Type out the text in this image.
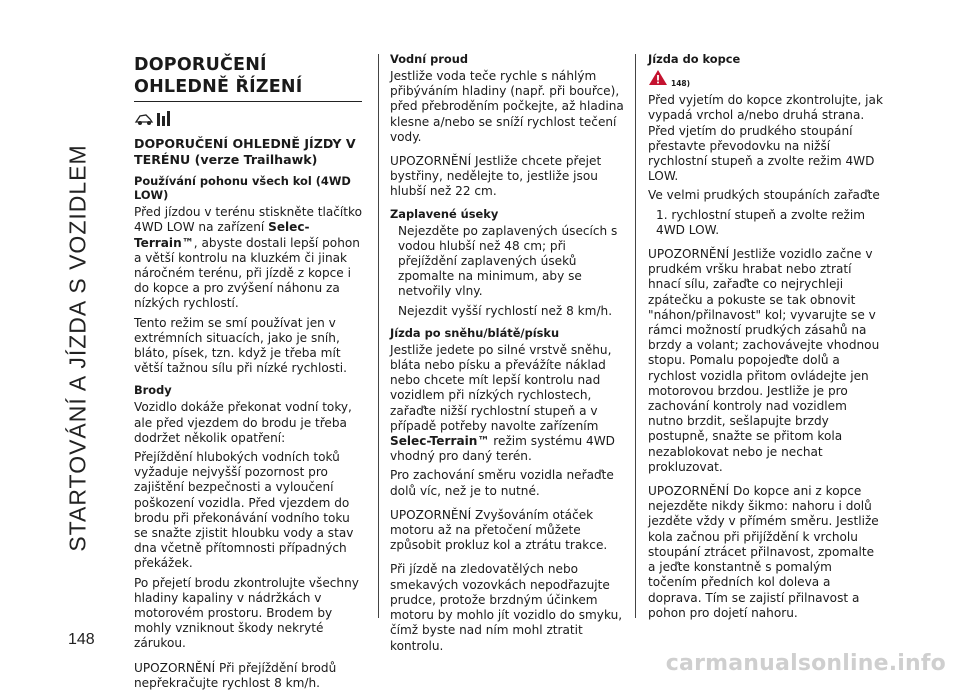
STARTOVÁNÍ A JÍZDA S VOZIDLEM
148
carmanualsonline.info
DOPORUČENÍ OHLEDNĚ ŘÍZENÍ
DOPORUČENÍ OHLEDNĚ JÍZDY V TERÉNU (verze Trailhawk)
Používání pohonu všech kol (4WD LOW)

Před jízdou v terénu stiskněte tlačítko 4WD LOW na zařízení Selec-Terrain™, abyste dostali lepší pohon a větší kontrolu na kluzkém či jinak náročném terénu, při jízdě z kopce i do kopce a pro zvýšení náhonu za nízkých rychlostí.

Tento režim se smí používat jen v extrémních situacích, jako je sníh, bláto, písek, tzn. když je třeba mít větší tažnou sílu při nízké rychlosti.

Brody

Vozidlo dokáže překonat vodní toky, ale před vjezdem do brodu je třeba dodržet několik opatření:

Přejíždění hlubokých vodních toků vyžaduje nejvyšší pozornost pro zajištění bezpečnosti a vyloučení poškození vozidla. Před vjezdem do brodu při překonávání vodního toku se snažte zjistit hloubku vody a stav dna včetně přítomnosti případných překážek.

Po přejetí brodu zkontrolujte všechny hladiny kapaliny v nádržkách v motorovém prostoru. Brodem by mohly vzniknout škody nekryté zárukou.

UPOZORNĚNÍ Při přejíždění brodů nepřekračujte rychlost 8 km/h.

Vodní proud

Jestliže voda teče rychle s náhlým přibýváním hladiny (např. při bouřce), před přebroděním počkejte, až hladina klesne a/nebo se sníží rychlost tečení vody.

UPOZORNĚNÍ Jestliže chcete přejet bystřiny, nedělejte to, jestliže jsou hlubší než 22 cm.

Zaplavené úseky

Nejezděte po zaplavených úsecích s vodou hlubší než 48 cm; při přejíždění zaplavených úseků zpomalte na minimum, aby se netvořily vlny.

Nejezdit vyšší rychlostí než 8 km/h.

Jízda po sněhu/blátě/písku

Jestliže jedete po silné vrstvě sněhu, bláta nebo písku a převážíte náklad nebo chcete mít lepší kontrolu nad vozidlem při nízkých rychlostech, zařaďte nižší rychlostní stupeň a v případě potřeby navolte zařízením Selec-Terrain™ režim systému 4WD vhodný pro daný terén.

Pro zachování směru vozidla neřaďte dolů víc, než je to nutné.

UPOZORNĚNÍ Zvyšováním otáček motoru až na přetočení můžete způsobit prokluz kol a ztrátu trakce.

Při jízdě na zledovatělých nebo smekavých vozovkách nepodřazujte prudce, protože brzdným účinkem motoru by mohlo jít vozidlo do smyku, čímž byste nad ním mohl ztratit kontrolu.

Jízda do kopce
148)

Před vyjetím do kopce zkontrolujte, jak vypadá vrchol a/nebo druhá strana. Před vjetím do prudkého stoupání přestavte převodovku na nižší rychlostní stupeň a zvolte režim 4WD LOW.

Ve velmi prudkých stoupáních zařaďte

1. rychlostní stupeň a zvolte režim 4WD LOW.

UPOZORNĚNÍ Jestliže vozidlo začne v prudkém vršku hrabat nebo ztratí hnací sílu, zařaďte co nejrychleji zpátečku a pokuste se tak obnovit "náhon/přilnavost" kol; vyvarujte se v rámci možností prudkých zásahů na brzdy a volant; zachovávejte vhodnou stopu. Pomalu popojeďte dolů a rychlost vozidla přitom ovládejte jen motorovou brzdou. Jestliže je pro zachování kontroly nad vozidlem nutno brzdit, sešlapujte brzdy postupně, snažte se přitom kola nezablokovat nebo je nechat prokluzovat.

UPOZORNĚNÍ Do kopce ani z kopce nejezděte nikdy šikmo: nahoru i dolů jezděte vždy v přímém směru. Jestliže kola začnou při přijíždění k vrcholu stoupání ztrácet přilnavost, zpomalte a jeďte konstantně s pomalým točením předních kol doleva a doprava. Tím se zajistí přilnavost a pohon pro dojetí nahoru.
